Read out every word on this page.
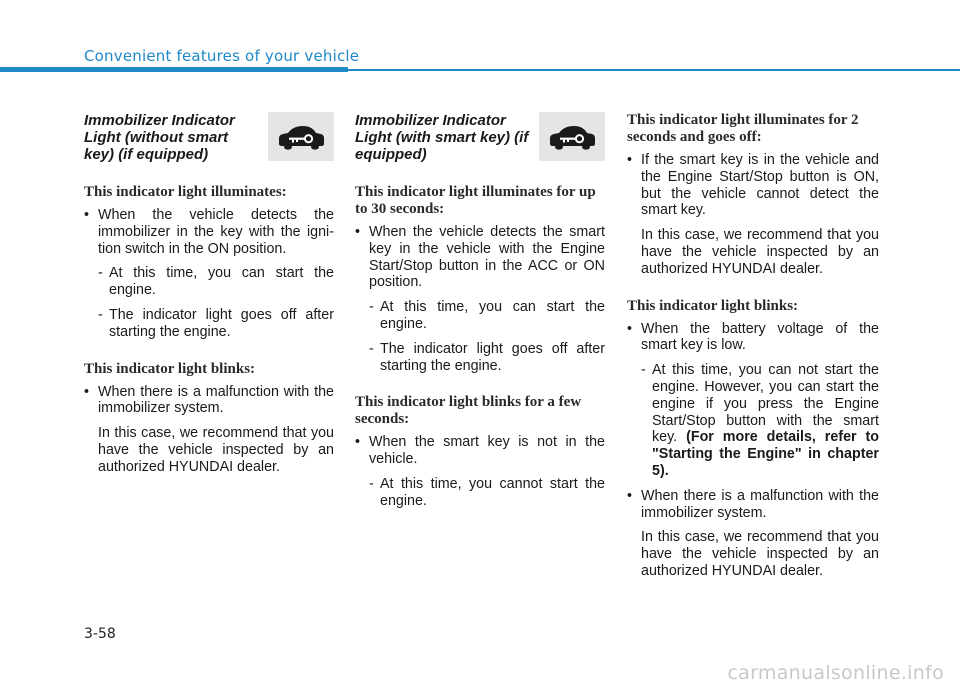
Convenient features of your vehicle
Immobilizer Indicator Light (without smart key) (if equipped)
This indicator light illuminates:

• When the vehicle detects the immobilizer in the key with the igni-tion switch in the ON position.

- At this time, you can start the engine.

- The indicator light goes off after starting the engine.

This indicator light blinks:

• When there is a malfunction with the immobilizer system.

In this case, we recommend that you have the vehicle inspected by an authorized HYUNDAI dealer.

Immobilizer Indicator Light (with smart key) (if equipped)
This indicator light illuminates for up to 30 seconds:

• When the vehicle detects the smart key in the vehicle with the Engine Start/Stop button in the ACC or ON position.

- At this time, you can start the engine.

- The indicator light goes off after starting the engine.

This indicator light blinks for a few seconds:

• When the smart key is not in the vehicle.

- At this time, you cannot start the engine.

This indicator light illuminates for 2 seconds and goes off:

• If the smart key is in the vehicle and the Engine Start/Stop button is ON, but the vehicle cannot detect the smart key.

In this case, we recommend that you have the vehicle inspected by an authorized HYUNDAI dealer.

This indicator light blinks:

• When the battery voltage of the smart key is low.

- At this time, you can not start the engine. However, you can start the engine if you press the Engine Start/Stop button with the smart key. (For more details, refer to "Starting the Engine" in chapter 5).

• When there is a malfunction with the immobilizer system.

In this case, we recommend that you have the vehicle inspected by an authorized HYUNDAI dealer.

3-58
carmanualsonline.info
